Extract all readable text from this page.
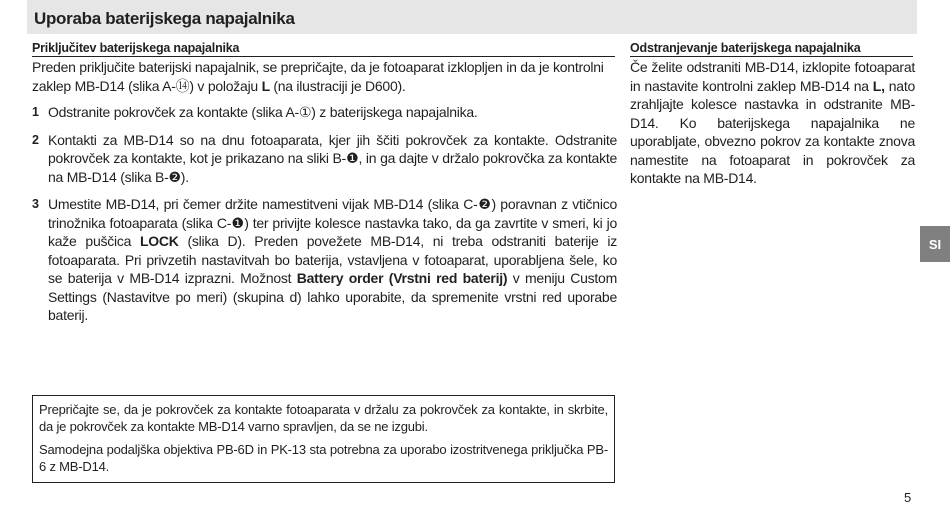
Uporaba baterijskega napajalnika
Priključitev baterijskega napajalnika
Preden priključite baterijski napajalnik, se prepričajte, da je fotoaparat izklopljen in da je kontrolni zaklep MB-D14 (slika A-⑭) v položaju L (na ilustraciji je D600).
1 Odstranite pokrovček za kontakte (slika A-①) z baterijskega napajalnika.
2 Kontakti za MB-D14 so na dnu fotoaparata, kjer jih ščiti pokrovček za kontakte. Odstranite pokrovček za kontakte, kot je prikazano na sliki B-❶, in ga dajte v držalo pokrovčka za kontakte na MB-D14 (slika B-❷).
3 Umestite MB-D14, pri čemer držite namestitveni vijak MB-D14 (slika C-❷) poravnan z vtičnico trinožnika fotoaparata (slika C-❶) ter privijte kolesce nastavka tako, da ga zavrtite v smeri, ki jo kaže puščica LOCK (slika D). Preden povežete MB-D14, ni treba odstraniti baterije iz fotoaparata. Pri privzetih nastavitvah bo baterija, vstavljena v fotoaparat, uporabljena šele, ko se baterija v MB-D14 izprazni. Možnost Battery order (Vrstni red baterij) v meniju Custom Settings (Nastavitve po meri) (skupina d) lahko uporabite, da spremenite vrstni red uporabe baterij.
Odstranjevanje baterijskega napajalnika
Če želite odstraniti MB-D14, izklopite fotoaparat in nastavite kontrolni zaklep MB-D14 na L, nato zrahljajte kolesce nastavka in odstranite MB-D14. Ko baterijskega napajalnika ne uporabljate, obvezno pokrov za kontakte znova namestite na fotoaparat in pokrovček za kontakte na MB-D14.

Prepričajte se, da je pokrovček za kontakte fotoaparata v držalu za pokrovček za kontakte, in skrbite, da je pokrovček za kontakte MB-D14 varno spravljen, da se ne izgubi.

Samodejna podaljška objektiva PB-6D in PK-13 sta potrebna za uporabo izostritvenega priključka PB-6 z MB-D14.

SI
5
